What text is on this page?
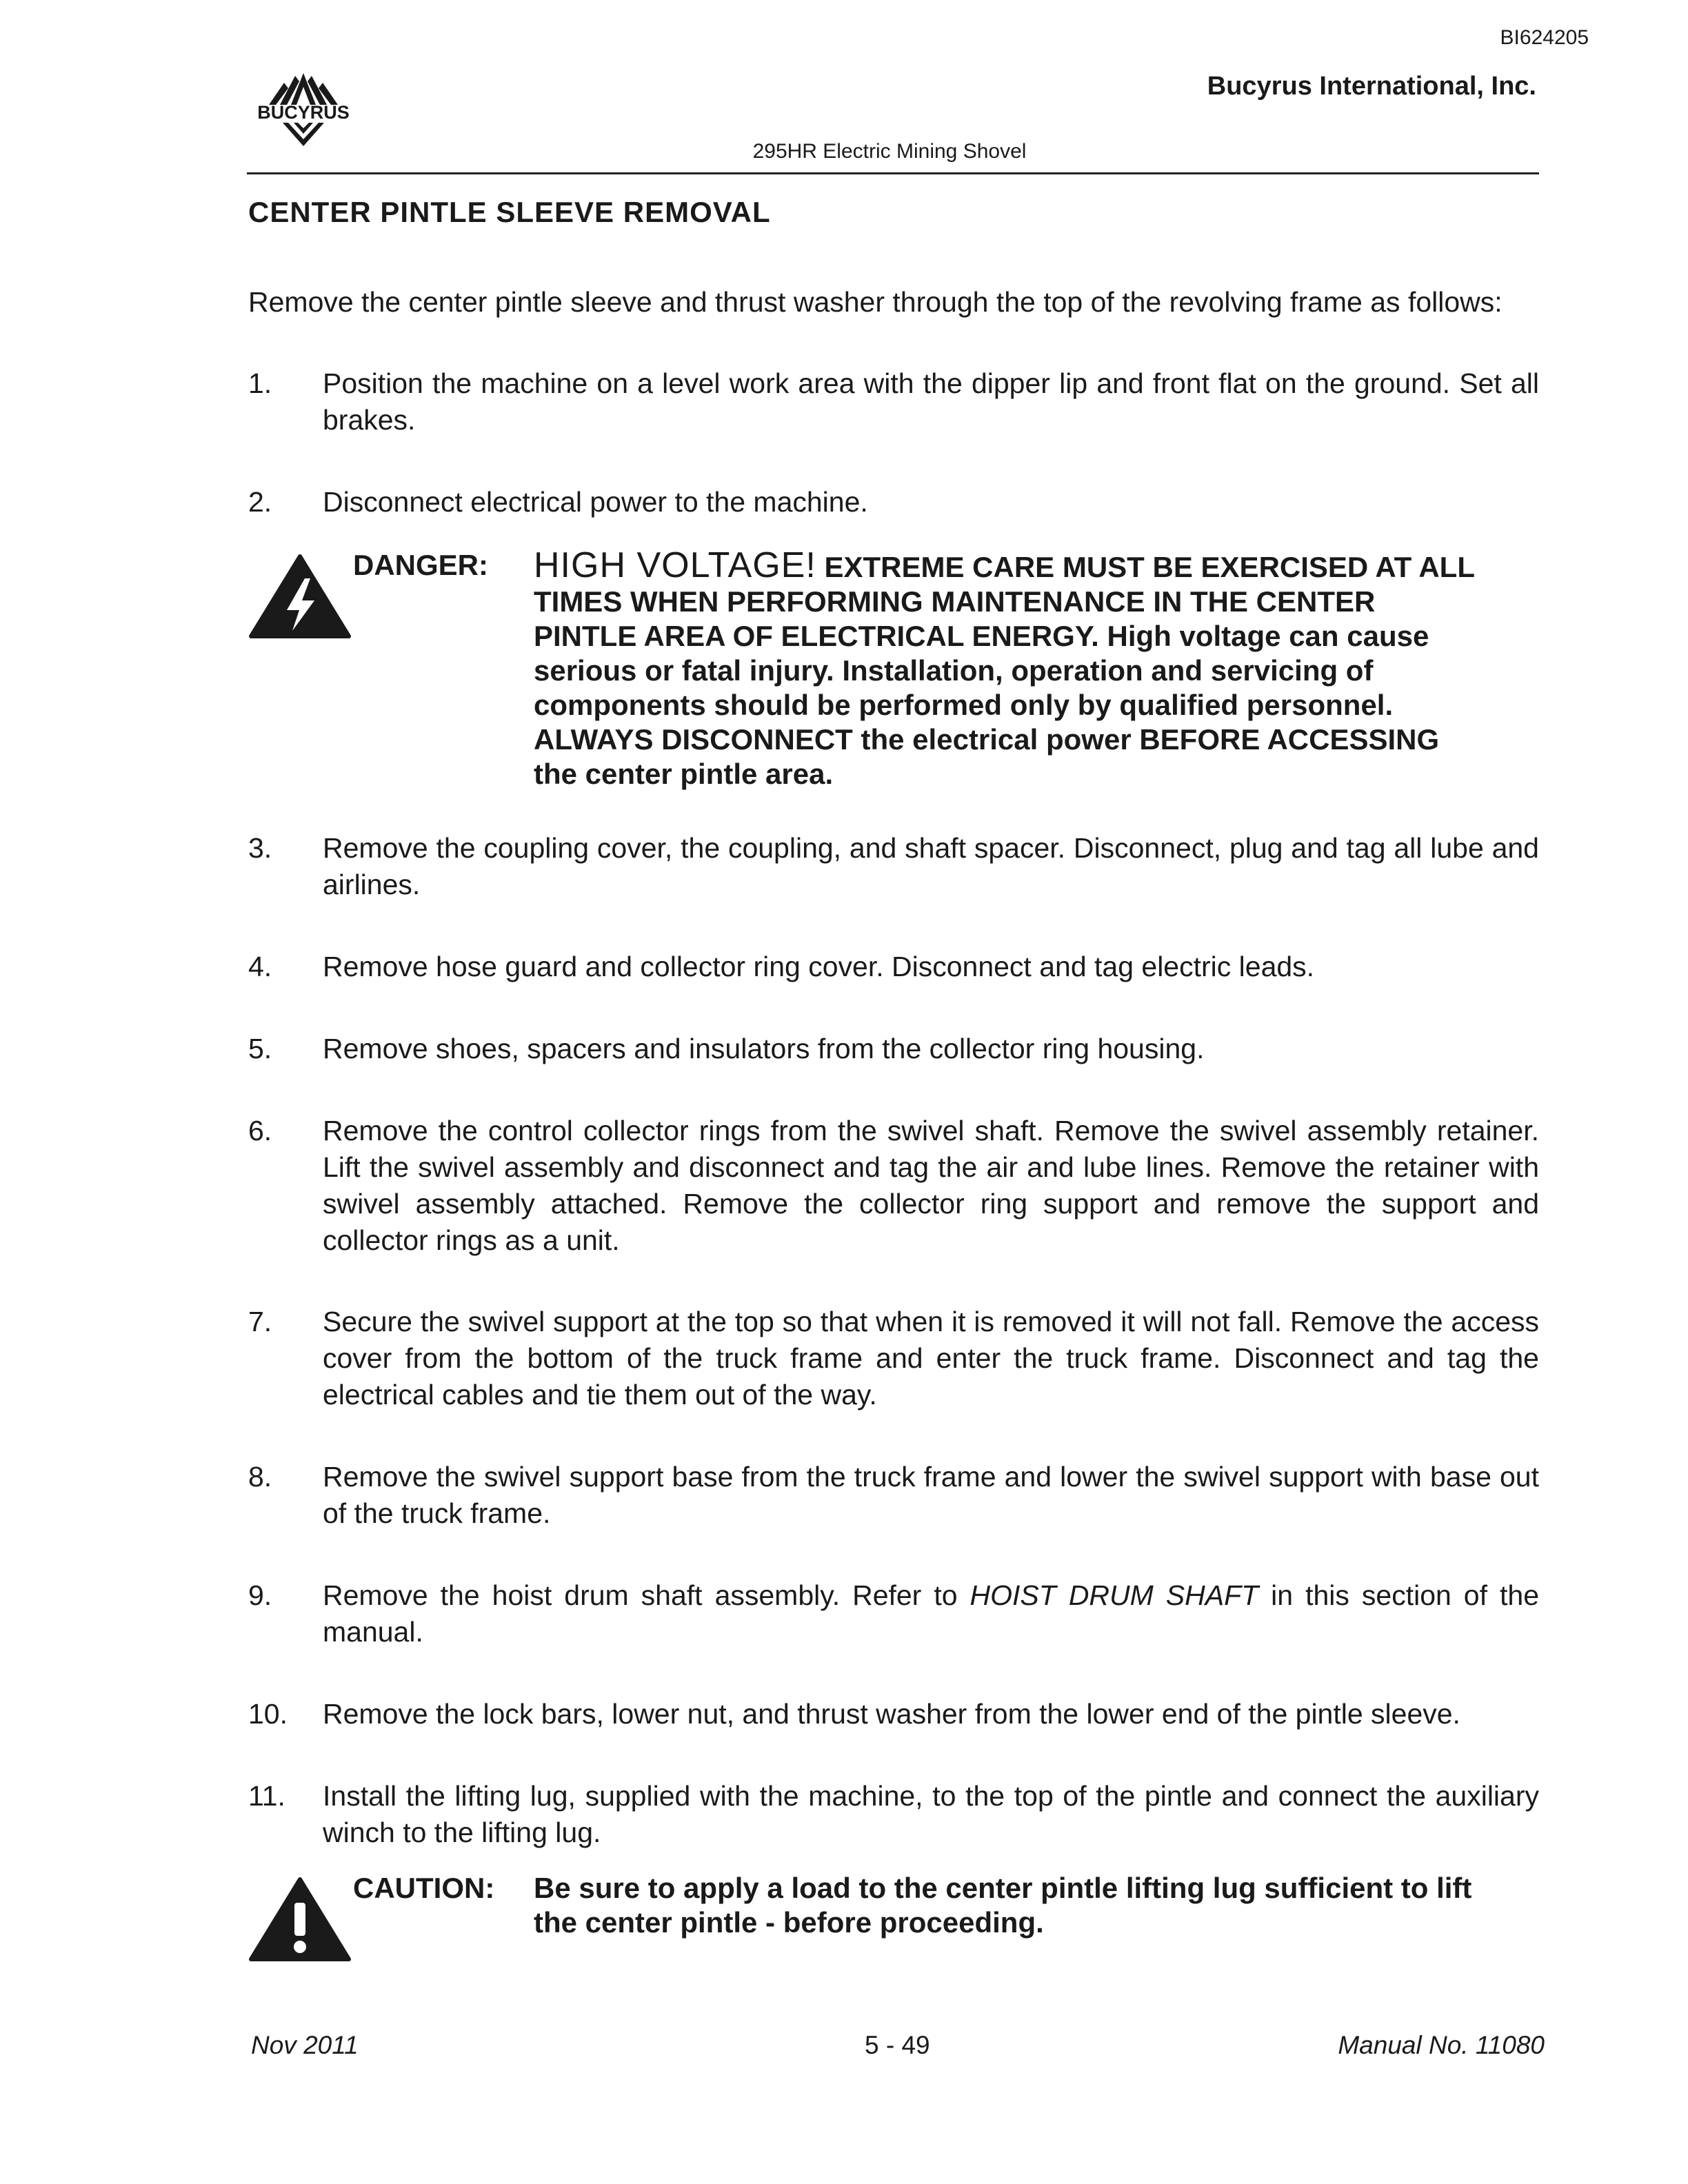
BI624205
BUCYRUS
Bucyrus International, Inc.
295HR Electric Mining Shovel
CENTER PINTLE SLEEVE REMOVAL
Remove the center pintle sleeve and thrust washer through the top of the revolving frame as follows:
1.	Position the machine on a level work area with the dipper lip and front flat on the ground. Set all brakes.
2.	Disconnect electrical power to the machine.
DANGER: HIGH VOLTAGE! EXTREME CARE MUST BE EXERCISED AT ALL
TIMES WHEN PERFORMING MAINTENANCE IN THE CENTER
PINTLE AREA OF ELECTRICAL ENERGY. High voltage can cause
serious or fatal injury. Installation, operation and servicing of
components should be performed only by qualified personnel.
ALWAYS DISCONNECT the electrical power BEFORE ACCESSING
the center pintle area.
3.	Remove the coupling cover, the coupling, and shaft spacer. Disconnect, plug and tag all lube and airlines.
4.	Remove hose guard and collector ring cover. Disconnect and tag electric leads.
5.	Remove shoes, spacers and insulators from the collector ring housing.
6.	Remove the control collector rings from the swivel shaft. Remove the swivel assembly retainer. Lift the swivel assembly and disconnect and tag the air and lube lines. Remove the retainer with swivel assembly attached. Remove the collector ring support and remove the support and collector rings as a unit.
7.	Secure the swivel support at the top so that when it is removed it will not fall. Remove the access cover from the bottom of the truck frame and enter the truck frame. Disconnect and tag the electrical cables and tie them out of the way.
8.	Remove the swivel support base from the truck frame and lower the swivel support with base out of the truck frame.
9.	Remove the hoist drum shaft assembly. Refer to HOIST DRUM SHAFT in this section of the manual.
10.	Remove the lock bars, lower nut, and thrust washer from the lower end of the pintle sleeve.
11.	Install the lifting lug, supplied with the machine, to the top of the pintle and connect the auxiliary winch to the lifting lug.
CAUTION: Be sure to apply a load to the center pintle lifting lug sufficient to lift
the center pintle - before proceeding.
Nov 2011	5 - 49	Manual No. 11080
